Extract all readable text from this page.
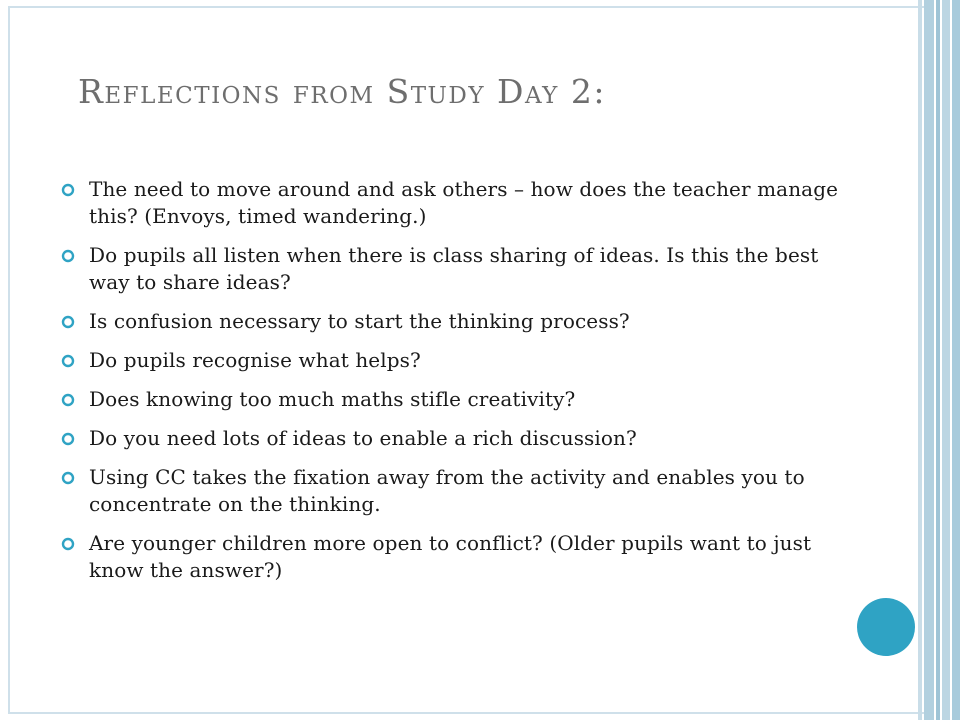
Reflections from Study Day 2:
The need to move around and ask others – how does the teacher manage this? (Envoys, timed wandering.)
Do pupils all listen when there is class sharing of ideas. Is this the best way to share ideas?
Is confusion necessary to start the thinking process?
Do pupils recognise what helps?
Does knowing too much maths stifle creativity?
Do you need lots of ideas to enable a rich discussion?
Using CC takes the fixation away from the activity and enables you to concentrate on the thinking.
Are younger children more open to conflict? (Older pupils want to just know the answer?)
